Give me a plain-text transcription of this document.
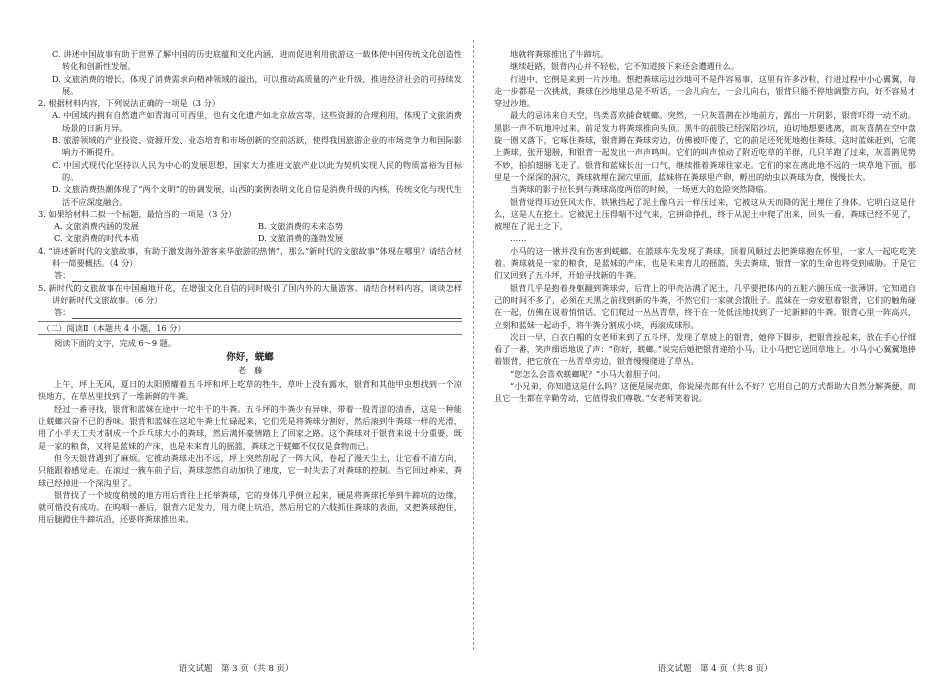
C. 讲述中国故事有助于世界了解中国的历史底蕴和文化内涵，进而促进利用旅游这一载体使中国传统文化创造性转化和创新性发展。

D. 文旅消费的增长，体现了消费需求向精神领域的溢出，可以推动高质量的产业升级，推进经济社会的可持续发展。

2. 根据材料内容，下列说法正确的一项是（3 分）

A. 中国域内拥有自然遗产如青海可可西里，也有文化遗产如北京故宫等，这些资源的合理利用，体现了文旅消费场景的日新月异。

B. 旅游领域的产业投资、资源开发、业态培育和市场创新的空前活跃，使得我国旅游企业的市场竞争力和国际影响力不断提升。

C. 中国式现代化坚持以人民为中心的发展思想，国家大力推进文旅产业以此为契机实现人民的物质富裕为目标的。

D. 文旅消费热潮体现了“两个文明”的协调发展，山西的案例表明文化自信是消费升级的内核，传统文化与现代生活不应深度融合。

3. 如果给材料二拟一个标题，最恰当的一项是（3 分）

A. 文旅消费内涵的发展	B. 文旅消费的未来态势
C. 文旅消费的时代本质	D. 文旅消费的蓬勃发展

4. “讲述新时代的文旅故事，有助于激发海外游客来华旅游的热情”，那么“新时代的文旅故事”体现在哪里？请结合材料一简要概括。（4 分）

答：

5. 新时代的文旅故事在中国遍地开花，在增强文化自信的同时吸引了国内外的大量游客。请结合材料内容，谈谈怎样讲好新时代文旅故事。（6 分）

答：
（二）阅读Ⅱ（本题共 4 小题，16 分）

阅读下面的文字，完成 6～9 题。

你好，蜣螂
老　藤

上午，坪上无风，夏日的太阳照耀着五斗坪和坪上吃草的牲牛，草叶上没有露水，银背和其他甲虫想找到一个凉快地方，在草丛里找到了一堆新鲜的牛粪。

经过一番寻找，银背和蓝妹在途中一坨牛干的牛粪。五斗坪的牛粪少有异味，带着一股青涩的清香，这是一种能让蜣螂兴奋不已的香味。银背和蓝妹在这坨牛粪上忙碌起来，它们先是将粪球分割好，然后滚到牛粪球一样的光滑，用了小半天工夫才制成一个乒乓球大小的粪球，然后满怀豪情踏上了回家之路。这个粪球对于银背来说十分重要，既是一家的粮食，又将是蓝妹的产床，也是未来育儿的摇篮，粪球之于蜣螂不仅仅是食物而已。

但今天银背遇到了麻烦。它推动粪球走出不远，坪上突然刮起了一阵大风，卷起了漫天尘土，让它看不清方向，只能跟着感觉走。在滚过一簇车前子后，粪球忽然自动加快了速度，它一时失去了对粪球的控制。当它回过神来，粪球已经掉进一个深沟里了。

银背找了一个坡度稍缓的地方用后背往上托举粪球，它的身体几乎倒立起来，硬是将粪球托举到牛蹄坑的边缘，就可惜没有成功。在呜咽一番后，银背六足发力，用力爬上坑沿，然后用它的六肢抓住粪球的表面，又把粪球抱住，用后腿蹬住牛蹄坑沿，还要将粪球推出来。

语文试题　第 3 页（共 8 页）

地就将粪球推出了牛蹄坑。

继续赶路，银背内心并不轻松，它不知道接下来还会遭遇什么。

行进中，它倒是来到一片沙地。想把粪球运过沙地可不是件容易事，这里有许多沙粒，行进过程中小心翼翼，每走一步都是一次挑战，粪球在沙地里总是不听话，一会儿向左，一会儿向右，银背只能不停地调整方向，好不容易才穿过沙地。

最大的忌讳来自天空，鸟类喜欢捕食蜣螂。突然，一只灰喜鹊在沙地前方，露出一片阴影，银背吓得一动不动。黑影一声不吭地冲过来，前足发力将粪球推向头顶。黑牛的前肢已经深陷沙坑，迫切地想要逃离，而灰喜鹊在空中盘旋一圈又落下，它啄住粪球，银背蹲在粪球旁边，仿佛被吓傻了，它的前足还死死地抱住粪球。这时蓝妹赶到，它爬上粪球，张开翅膀，和银背一起发出一声声鸣叫。它们的叫声惊动了附近吃草的羊群，几只羊跑了过来，灰喜鹊见势不妙，拍拍翅膀飞走了。银背和蓝妹长出一口气，继续推着粪球往家走。它们的家在离此地不远的一块草地下面，那里是一个深深的洞穴，粪球就埋在洞穴里面，蓝妹将在粪球里产卵，孵出的幼虫以粪球为食，慢慢长大。

当粪球的影子拉长到与粪球高度两倍的时候，一场更大的危险突然降临。

银背觉得耳边狂风大作，铁锹挡起了泥土像乌云一样压过来，它被这从天而降的泥土埋住了身体。它明白这是什么，这是人在挖土。它被泥土压得喘不过气来，它拼命挣扎，终于从泥土中爬了出来，回头一看，粪球已经不见了，被埋在了泥土之下。

……

小马的这一锹并没有伤害到蜣螂。在篮球车先发现了粪球，顶着风顺过去把粪球抱在怀里，一家人一起吃吃笑着。粪球就是一家的粮食，是蓝妹的产床，也是未来育儿的摇篮，失去粪球，银背一家的生命也将受到威胁。于是它们又回到了五斗坪，开始寻找新的牛粪。

银背几乎是抱着身躯翻到粪球旁，后背上的甲壳沾满了泥土，几乎要把体内的五脏六腑压成一张薄饼。它知道自己的时间不多了，必须在天黑之前找到新的牛粪，不然它们一家就会饿肚子。蓝妹在一旁安慰着银背，它们的触角碰在一起，仿佛在说着悄悄话。它们爬过一丛丛青草，终于在一处低洼地找到了一坨新鲜的牛粪。银背心里一阵高兴，立刻和蓝妹一起动手，将牛粪分割成小块，再滚成球形。

次日一早，白衣白帽的女老师来到了五斗坪，发现了草坡上的银背，她停下脚步，把银背捡起来，放在手心仔细看了一番，笑声细语地说了声：“你好，蜣螂。”说完后她把银背递给小马，让小马把它送回草地上。小马小心翼翼地捧着银背，把它放在一丛青草旁边，银背慢慢爬进了草丛。

“您怎么会喜欢蜣螂呢？”小马大着胆子问。

“小兄弟，你知道这是什么吗？这便是屎壳郎，你说屎壳郎有什么不好？它用自己的方式帮助大自然分解粪便，而且它一生都在辛勤劳动，它值得我们尊敬。”女老师笑着说。

语文试题　第 4 页（共 8 页）
